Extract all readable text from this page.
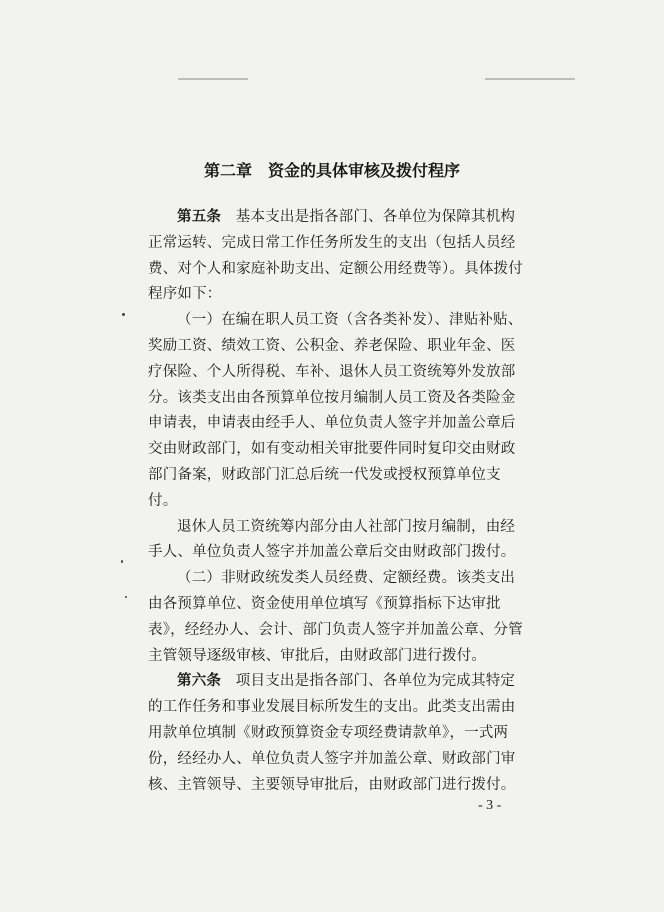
第二章　资金的具体审核及拨付程序

第五条　基本支出是指各部门、各单位为保障其机构正常运转、完成日常工作任务所发生的支出（包括人员经费、对个人和家庭补助支出、定额公用经费等）。具体拨付程序如下：

（一）在编在职人员工资（含各类补发）、津贴补贴、奖励工资、绩效工资、公积金、养老保险、职业年金、医疗保险、个人所得税、车补、退休人员工资统筹外发放部分。该类支出由各预算单位按月编制人员工资及各类险金申请表，申请表由经手人、单位负责人签字并加盖公章后交由财政部门，如有变动相关审批要件同时复印交由财政部门备案，财政部门汇总后统一代发或授权预算单位支付。

退休人员工资统筹内部分由人社部门按月编制，由经手人、单位负责人签字并加盖公章后交由财政部门拨付。

（二）非财政统发类人员经费、定额经费。该类支出由各预算单位、资金使用单位填写《预算指标下达审批表》，经经办人、会计、部门负责人签字并加盖公章、分管主管领导逐级审核、审批后，由财政部门进行拨付。

第六条　项目支出是指各部门、各单位为完成其特定的工作任务和事业发展目标所发生的支出。此类支出需由用款单位填制《财政预算资金专项经费请款单》，一式两份，经经办人、单位负责人签字并加盖公章、财政部门审核、主管领导、主要领导审批后，由财政部门进行拨付。

- 3 -
